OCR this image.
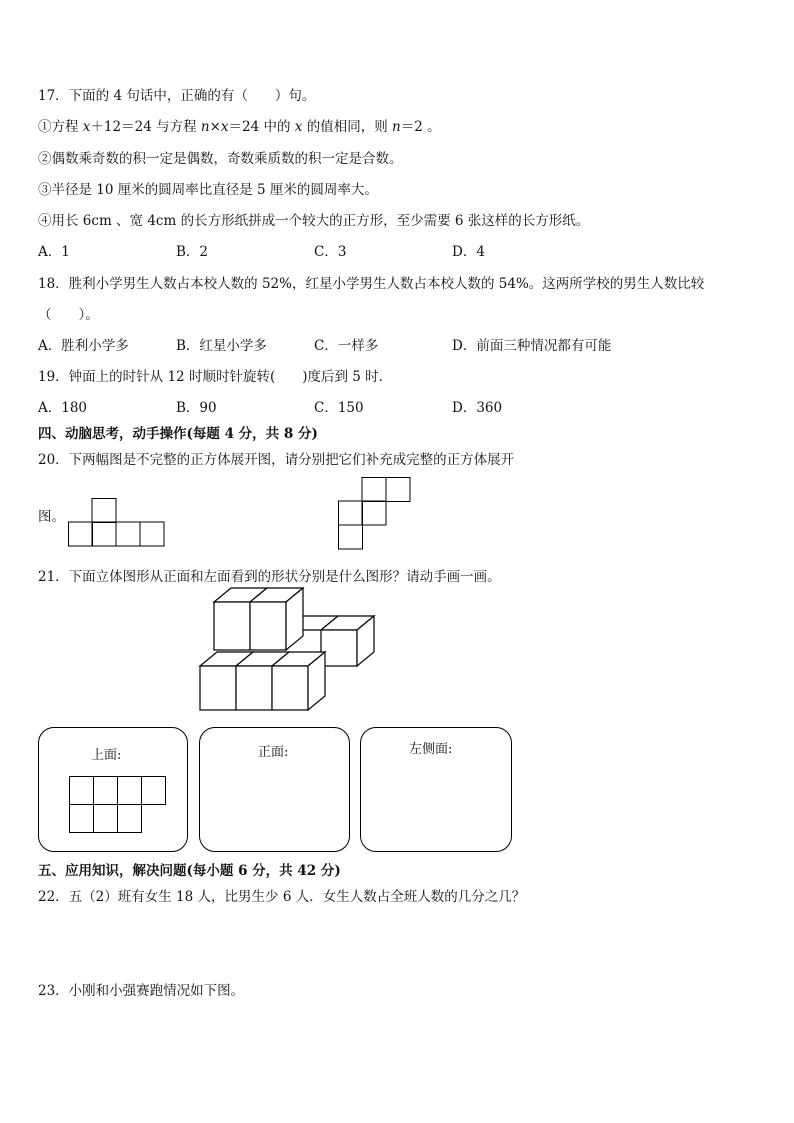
17．下面的 4 句话中，正确的有（　　）句。
①方程 x＋12＝24 与方程 n×x＝24 中的 x 的值相同，则 n＝2 。
②偶数乘奇数的积一定是偶数，奇数乘质数的积一定是合数。
③半径是 10 厘米的圆周率比直径是 5 厘米的圆周率大。
④用长 6cm 、宽 4cm 的长方形纸拼成一个较大的正方形，至少需要 6 张这样的长方形纸。
A．1	B．2	C．3	D．4
18．胜利小学男生人数占本校人数的 52%，红星小学男生人数占本校人数的 54%。这两所学校的男生人数比较
（　　）。
A．胜利小学多	B．红星小学多	C．一样多	D．前面三种情况都有可能
19．钟面上的时针从 12 时顺时针旋转(　　)度后到 5 时．
A．180	B．90	C．150	D．360
四、动脑思考，动手操作(每题 4 分，共 8 分)
20．下两幅图是不完整的正方体展开图，请分别把它们补充成完整的正方体展开
图。
21．下面立体图形从正面和左面看到的形状分别是什么图形？请动手画一画。
上面:	正面:	左侧面:
五、应用知识，解决问题(每小题 6 分，共 42 分)
22．五（2）班有女生 18 人，比男生少 6 人．女生人数占全班人数的几分之几？
23．小刚和小强赛跑情况如下图。
